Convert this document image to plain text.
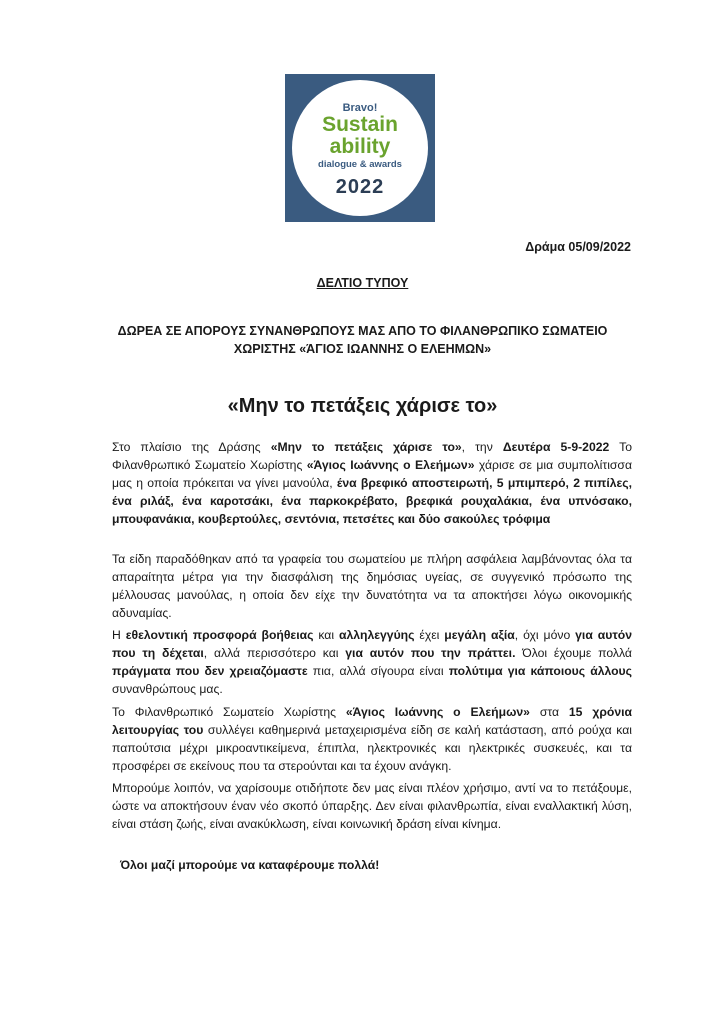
Bravo!
Sustain
ability
dialogue & awards
2022
Δράμα 05/09/2022
ΔΕΛΤΙΟ ΤΥΠΟΥ
ΔΩΡΕΑ ΣΕ ΑΠΟΡΟΥΣ ΣΥΝΑΝΘΡΩΠΟΥΣ ΜΑΣ ΑΠΟ ΤΟ ΦΙΛΑΝΘΡΩΠΙΚΟ ΣΩΜΑΤΕΙΟ
ΧΩΡΙΣΤΗΣ «ΆΓΙΟΣ ΙΩΑΝΝΗΣ Ο ΕΛΕΗΜΩΝ»
«Μην το πετάξεις χάρισε το»

Στο πλαίσιο της Δράσης «Μην το πετάξεις χάρισε το», την Δευτέρα 5-9-2022 Το Φιλανθρωπικό Σωματείο Χωρίστης «Άγιος Ιωάννης ο Ελεήμων» χάρισε σε μια συμπολίτισσα μας η οποία πρόκειται να γίνει μανούλα, ένα βρεφικό αποστειρωτή, 5 μπιμπερό, 2 πιπίλες, ένα ριλάξ, ένα καροτσάκι, ένα παρκοκρέβατο, βρεφικά ρουχαλάκια, ένα υπνόσακο, μπουφανάκια, κουβερτούλες, σεντόνια, πετσέτες και δύο σακούλες τρόφιμα

Τα είδη παραδόθηκαν από τα γραφεία του σωματείου με πλήρη ασφάλεια λαμβάνοντας όλα τα απαραίτητα μέτρα για την διασφάλιση της δημόσιας υγείας, σε συγγενικό πρόσωπο της μέλλουσας μανούλας, η οποία δεν είχε την δυνατότητα να τα αποκτήσει λόγω οικονομικής αδυναμίας.

Η εθελοντική προσφορά βοήθειας και αλληλεγγύης έχει μεγάλη αξία, όχι μόνο για αυτόν που τη δέχεται, αλλά περισσότερο και για αυτόν που την πράττει. Όλοι έχουμε πολλά πράγματα που δεν χρειαζόμαστε πια, αλλά σίγουρα είναι πολύτιμα για κάποιους άλλους συνανθρώπους μας.

Το Φιλανθρωπικό Σωματείο Χωρίστης «Άγιος Ιωάννης ο Ελεήμων» στα 15 χρόνια λειτουργίας του συλλέγει καθημερινά μεταχειρισμένα είδη σε καλή κατάσταση, από ρούχα και παπούτσια μέχρι μικροαντικείμενα, έπιπλα, ηλεκτρονικές και ηλεκτρικές συσκευές, και τα προσφέρει σε εκείνους που τα στερούνται και τα έχουν ανάγκη.

Μπορούμε λοιπόν, να χαρίσουμε οτιδήποτε δεν μας είναι πλέον χρήσιμο, αντί να το πετάξουμε, ώστε να αποκτήσουν έναν νέο σκοπό ύπαρξης. Δεν είναι φιλανθρωπία, είναι εναλλακτική λύση, είναι στάση ζωής, είναι ανακύκλωση, είναι κοινωνική δράση είναι κίνημα.

Όλοι μαζί μπορούμε να καταφέρουμε πολλά!
